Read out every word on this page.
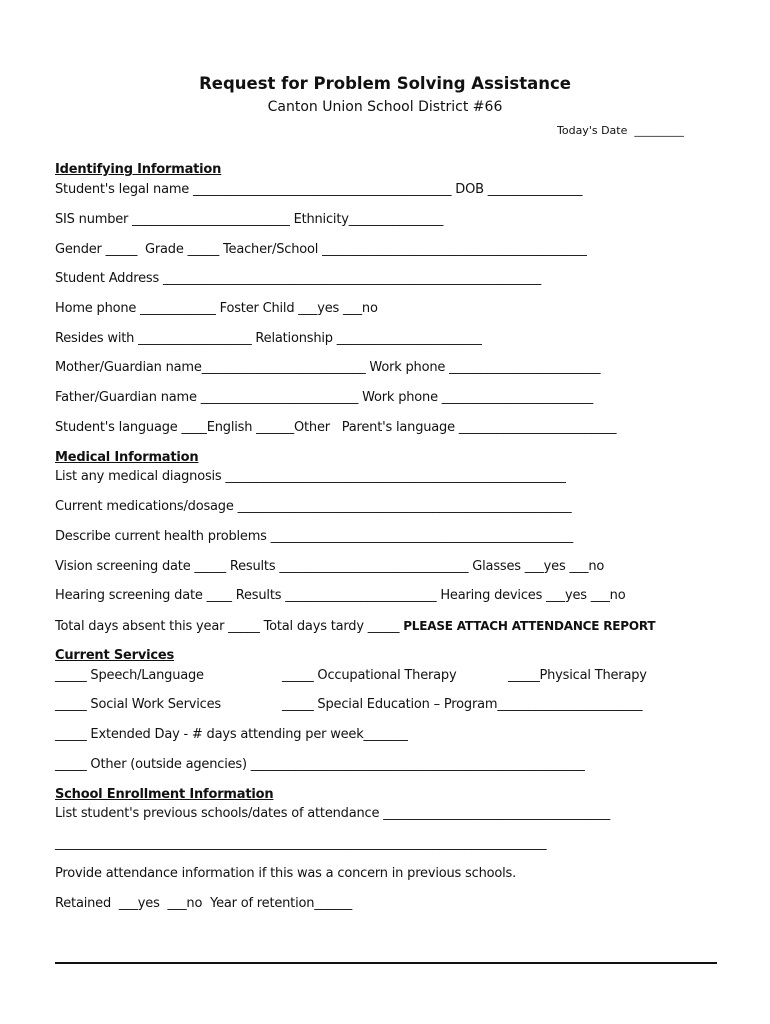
Request for Problem Solving Assistance
Canton Union School District #66
Today's Date  _________
Identifying Information
Student's legal name _________________________________________ DOB _______________
SIS number _________________________ Ethnicity_______________
Gender _____  Grade _____ Teacher/School __________________________________________
Student Address ____________________________________________________________
Home phone ____________ Foster Child ___yes ___no
Resides with __________________ Relationship _______________________
Mother/Guardian name__________________________ Work phone ________________________
Father/Guardian name _________________________ Work phone ________________________
Student's language ____English ______Other   Parent's language _________________________
Medical Information
List any medical diagnosis ______________________________________________________
Current medications/dosage _____________________________________________________
Describe current health problems ________________________________________________
Vision screening date _____ Results ______________________________ Glasses ___yes ___no
Hearing screening date ____ Results ________________________ Hearing devices ___yes ___no
Total days absent this year _____ Total days tardy _____ PLEASE ATTACH ATTENDANCE REPORT
Current Services
_____ Speech/Language	_____ Occupational Therapy	_____Physical Therapy
_____ Social Work Services	_____ Special Education – Program_______________________
_____ Extended Day - # days attending per week_______
_____ Other (outside agencies) _____________________________________________________
School Enrollment Information
List student's previous schools/dates of attendance ____________________________________
______________________________________________________________________________
Provide attendance information if this was a concern in previous schools.
Retained  ___yes  ___no  Year of retention______
